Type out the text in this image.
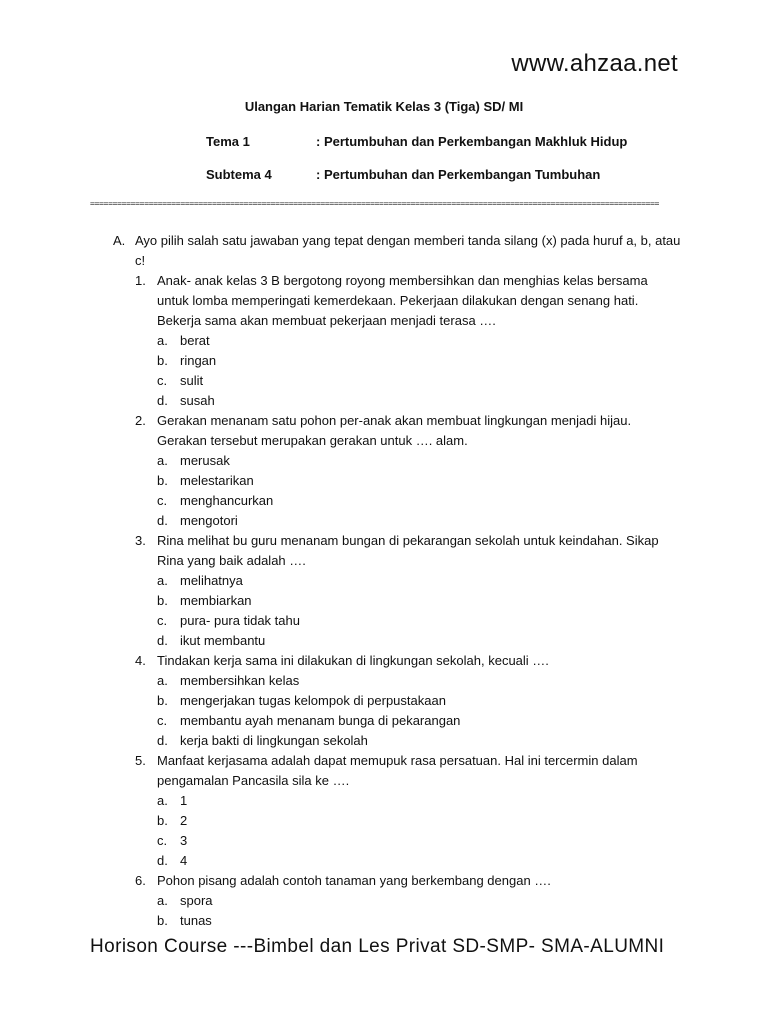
www.ahzaa.net
Ulangan Harian Tematik Kelas 3 (Tiga) SD/ MI
Tema 1	: Pertumbuhan dan Perkembangan Makhluk Hidup
Subtema 4	: Pertumbuhan dan Perkembangan Tumbuhan
==============================================================================================================================
A. Ayo pilih salah satu jawaban yang tepat dengan memberi tanda silang (x) pada huruf a, b, atau c!
1. Anak- anak kelas 3 B bergotong royong membersihkan dan menghias kelas bersama untuk lomba memperingati kemerdekaan. Pekerjaan dilakukan dengan senang hati. Bekerja sama akan membuat pekerjaan menjadi terasa ….
a. berat
b. ringan
c. sulit
d. susah
2. Gerakan menanam satu pohon per-anak akan membuat lingkungan menjadi hijau. Gerakan tersebut merupakan gerakan untuk …. alam.
a. merusak
b. melestarikan
c. menghancurkan
d. mengotori
3. Rina melihat bu guru menanam bungan di pekarangan sekolah untuk keindahan. Sikap Rina yang baik adalah ….
a. melihatnya
b. membiarkan
c. pura- pura tidak tahu
d. ikut membantu
4. Tindakan kerja sama ini dilakukan di lingkungan sekolah, kecuali ….
a. membersihkan kelas
b. mengerjakan tugas kelompok di perpustakaan
c. membantu ayah menanam bunga di pekarangan
d. kerja bakti di lingkungan sekolah
5. Manfaat kerjasama adalah dapat memupuk rasa persatuan. Hal ini tercermin dalam pengamalan Pancasila sila ke ….
a. 1
b. 2
c. 3
d. 4
6. Pohon pisang adalah contoh tanaman yang berkembang dengan ….
a. spora
b. tunas
Horison Course ---Bimbel dan Les Privat SD-SMP- SMA-ALUMNI
